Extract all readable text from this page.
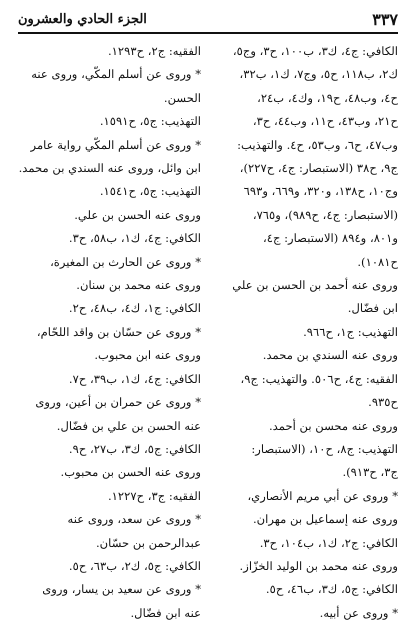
٣٣٧
الجزء الحادي والعشرون
الكافي: ج٤، ك٣، ب١٠٠، ح٣، وج٥،
ك٢، ب١١٨، ح٥، وج٧، ك١، ب٣٢،
ح٤، وب٤٨، ح١٩، وك٤، ب٢٤،
ح٢١، وب٤٣، ح١١، وب٤٤، ح٣،
وب٤٧، ح٦، وب٥٣، ح٤. والتهذيب:
ج٩، ح٣٨ (الاستبصار: ج٤، ح٢٢٧)،
وج١٠، ح١٣٨، و٣٢٠، و٦٦٩، و٦٩٣
(الاستبصار: ج٤، ح٩٨٩)، و٧٦٥،
و٨٠١، و٨٩٤ (الاستبصار: ج٤،
ح١٠٨١).
وروى عنه أحمد بن الحسن بن علي
ابن فضّال.
التهذيب: ج١، ح٩٦٦.
وروى عنه السندي بن محمد.
الفقيه: ج٤، ح٥٠٦. والتهذيب: ج٩،
ح٩٣٥.
وروى عنه محسن بن أحمد.
التهذيب: ج٨، ح١٠، (الاستبصار:
ج٣، ح٩١٣).
* وروى عن أبي مريم الأنصاري،
وروى عنه إسماعيل بن مهران.
الكافي: ج٢، ك١، ب١٠٤، ح٣.
وروى عنه محمد بن الوليد الخزّاز.
الكافي: ج٥، ك٣، ب٤٦، ح٥.
* وروى عن أبيه.
الفقيه: ج٢، ح١٢٩٣.
* وروى عن أسلم المكّي، وروى عنه
الحسن.
التهذيب: ج٥، ح١٥٩١.
* وروى عن أسلم المكّي رواية عامر
ابن وائل، وروى عنه السندي بن محمد.
التهذيب: ج٥، ح١٥٤١.
وروى عنه الحسن بن علي.
الكافي: ج٤، ك١، ب٥٨، ح٣.
* وروى عن الحارث بن المغيرة،
وروى عنه محمد بن سنان.
الكافي: ج١، ك٤، ب٤٨، ح٢.
* وروى عن حسّان بن واقد اللحّام،
وروى عنه ابن محبوب.
الكافي: ج٤، ك١، ب٣٩، ح٧.
* وروى عن حمران بن أعين، وروى
عنه الحسن بن علي بن فضّال.
الكافي: ج٥، ك٣، ب٢٧، ح٩.
وروى عنه الحسن بن محبوب.
الفقيه: ج٣، ح١٢٢٧.
* وروى عن سعد، وروى عنه
عبدالرحمن بن حسّان.
الكافي: ج٥، ك٢، ب٦٣، ح٥.
* وروى عن سعيد بن يسار، وروى
عنه ابن فضّال.
